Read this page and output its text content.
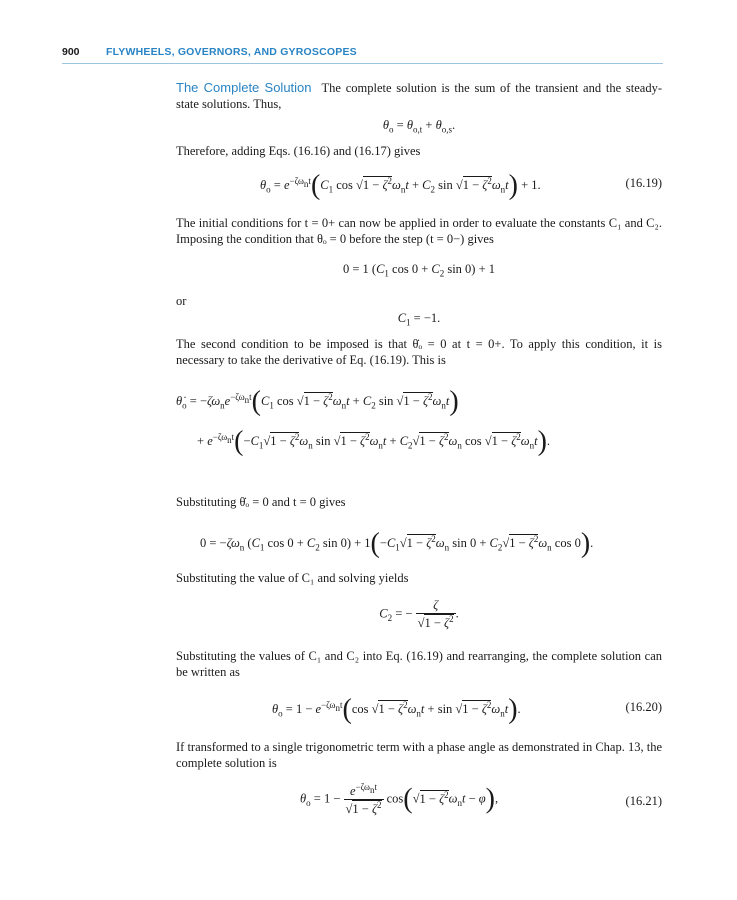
900	FLYWHEELS, GOVERNORS, AND GYROSCOPES
The Complete Solution The complete solution is the sum of the transient and the steady-state solutions. Thus,
$\theta_o = \theta_{o,t} + \theta_{o,s}$.
Therefore, adding Eqs. (16.16) and (16.17) gives
$\theta_o = e^{-\zeta\omega_nt}(C_1$ $\cos √1 - \zeta^2\omega_nt + C_2$ $\sin √1 - \zeta^2\omega_nt) + 1$.	(16.19)
The initial conditions for t = 0+ can now be applied in order to evaluate the constants C₁ and C₂. Imposing the condition that θₒ = 0 before the step (t = 0−) gives
0 = 1 ($C_1$ $\cos 0 + C_2$ sin 0) + 1
or
$C_1 = -1$.
The second condition to be imposed is that θ̇ₒ = 0 at t = 0+. To apply this condition, it is necessary to take the derivative of Eq. (16.19). This is
$\thetȧ_o = -\zeta\omega_ne^{-\zeta\omega_nt}(C_1$ $\cos √1 - \zeta^2\omega_nt + C_2$ $\sin √1 - \zeta^2\omega_nt$)
+ $e^{-\zeta\omega_nt}(-C_1√1 - \zeta^2\omega_n$ $\sin √1 - \zeta^2\omega_nt + C_2√1 - \zeta^2\omega_n$ $\cos √1 - \zeta^2\omega_nt$).
Substituting θ̇ₒ = 0 and t = 0 gives
$0 = -\zeta\omega_n$ ($C_1$ $\cos 0 + C_2$ $\sin 0) + 1(-C_1√1 - \zeta^2\omega_n$ $\sin 0 + C_2√1 - \zeta^2\omega_n$ cos 0).
Substituting the value of C₁ and solving yields
$C_2$ = − $\frac{\zeta}{√1 - \zeta^2}$ .
Substituting the values of C₁ and C₂ into Eq. (16.19) and rearranging, the complete solution can be written as
$\theta_o = 1 - e^{-\zeta\omega_nt}(\cos$ $√1 - \zeta^2\omega_nt + \sin √1 - \zeta^2\omega_nt$).	(16.20)
If transformed to a single trigonometric term with a phase angle as demonstrated in Chap. 13, the complete solution is
$\theta_o = 1 - \frac{e^{-\zeta\omega_nt}}{√1 - \zeta^2} \cos(√1 - \zeta^2\omega_nt - \varphi)$,	(16.21)
